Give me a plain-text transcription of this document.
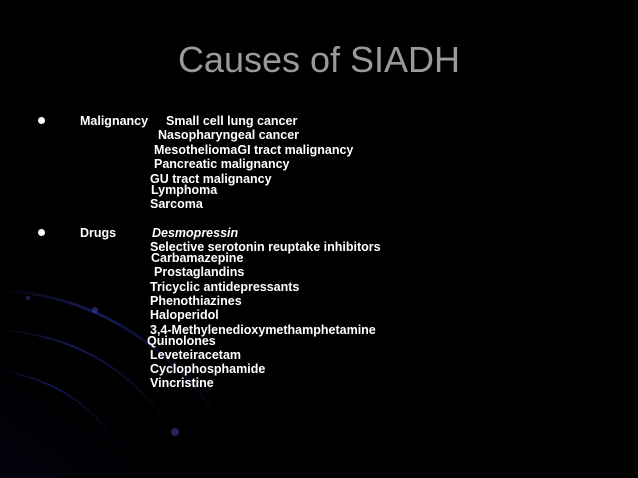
Causes of SIADH
Malignancy Small cell lung cancer
Nasopharyngeal cancer
MesotheliomaGI tract malignancy
Pancreatic malignancy
GU tract malignancy
Lymphoma
Sarcoma
Drugs	Desmopressin
Selective serotonin reuptake inhibitors
Carbamazepine
Prostaglandins
Tricyclic antidepressants
Phenothiazines
Haloperidol
3,4-Methylenedioxymethamphetamine
Quinolones
Leveteiracetam
Cyclophosphamide
Vincristine
